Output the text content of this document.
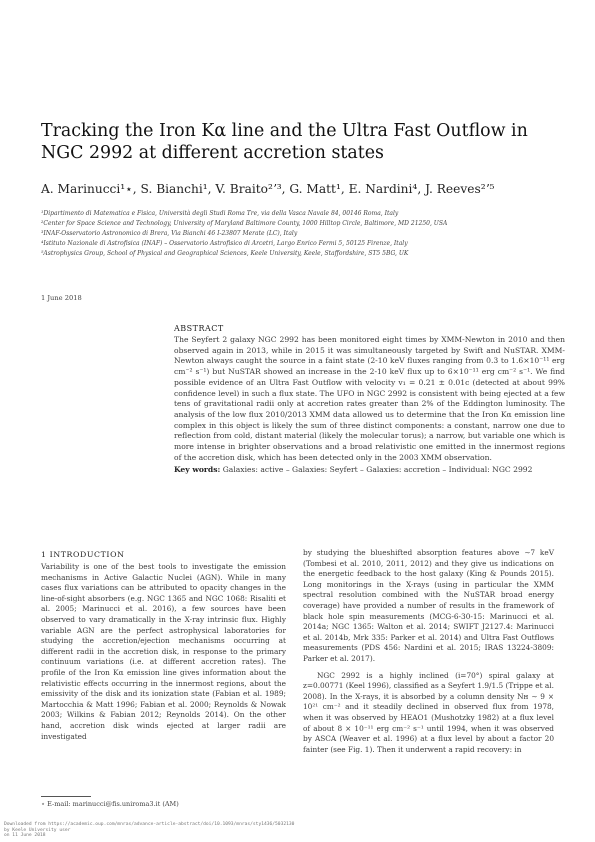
Tracking the Iron Kα line and the Ultra Fast Outflow in NGC 2992 at different accretion states
A. Marinucci¹⋆, S. Bianchi¹, V. Braito²ʼ³, G. Matt¹, E. Nardini⁴, J. Reeves²ʼ⁵
¹Dipartimento di Matematica e Fisica, Università degli Studi Roma Tre, via della Vasca Navale 84, 00146 Roma, Italy
²Center for Space Science and Technology, University of Maryland Baltimore County, 1000 Hilltop Circle, Baltimore, MD 21250, USA
³INAF-Osservatorio Astronomico di Brera, Via Bianchi 46 I-23807 Merate (LC), Italy
⁴Istituto Nazionale di Astrofisica (INAF) – Osservatorio Astrofisico di Arcetri, Largo Enrico Fermi 5, 50125 Firenze, Italy
⁵Astrophysics Group, School of Physical and Geographical Sciences, Keele University, Keele, Staffordshire, ST5 5BG, UK
1 June 2018
ABSTRACT
The Seyfert 2 galaxy NGC 2992 has been monitored eight times by XMM-Newton in 2010 and then observed again in 2013, while in 2015 it was simultaneously targeted by Swift and NuSTAR. XMM-Newton always caught the source in a faint state (2-10 keV fluxes ranging from 0.3 to 1.6×10⁻¹¹ erg cm⁻² s⁻¹) but NuSTAR showed an increase in the 2-10 keV flux up to 6×10⁻¹¹ erg cm⁻² s⁻¹. We find possible evidence of an Ultra Fast Outflow with velocity v₁ = 0.21 ± 0.01c (detected at about 99% confidence level) in such a flux state. The UFO in NGC 2992 is consistent with being ejected at a few tens of gravitational radii only at accretion rates greater than 2% of the Eddington luminosity. The analysis of the low flux 2010/2013 XMM data allowed us to determine that the Iron Kα emission line complex in this object is likely the sum of three distinct components: a constant, narrow one due to reflection from cold, distant material (likely the molecular torus); a narrow, but variable one which is more intense in brighter observations and a broad relativistic one emitted in the innermost regions of the accretion disk, which has been detected only in the 2003 XMM observation.
Key words: Galaxies: active – Galaxies: Seyfert – Galaxies: accretion – Individual: NGC 2992
1 INTRODUCTION

Variability is one of the best tools to investigate the emission mechanisms in Active Galactic Nuclei (AGN). While in many cases flux variations can be attributed to opacity changes in the line-of-sight absorbers (e.g. NGC 1365 and NGC 1068: Risaliti et al. 2005; Marinucci et al. 2016), a few sources have been observed to vary dramatically in the X-ray intrinsic flux. Highly variable AGN are the perfect astrophysical laboratories for studying the accretion/ejection mechanisms occurring at different radii in the accretion disk, in response to the primary continuum variations (i.e. at different accretion rates). The profile of the Iron Kα emission line gives information about the relativistic effects occurring in the innermost regions, about the emissivity of the disk and its ionization state (Fabian et al. 1989; Martocchia & Matt 1996; Fabian et al. 2000; Reynolds & Nowak 2003; Wilkins & Fabian 2012; Reynolds 2014). On the other hand, accretion disk winds ejected at larger radii are investigated

by studying the blueshifted absorption features above ∼7 keV (Tombesi et al. 2010, 2011, 2012) and they give us indications on the energetic feedback to the host galaxy (King & Pounds 2015). Long monitorings in the X-rays (using in particular the XMM spectral resolution combined with the NuSTAR broad energy coverage) have provided a number of results in the framework of black hole spin measurements (MCG-6-30-15: Marinucci et al. 2014a; NGC 1365: Walton et al. 2014; SWIFT J2127.4: Marinucci et al. 2014b, Mrk 335: Parker et al. 2014) and Ultra Fast Outflows measurements (PDS 456: Nardini et al. 2015; IRAS 13224-3809: Parker et al. 2017).

NGC 2992 is a highly inclined (i=70°) spiral galaxy at z=0.00771 (Keel 1996), classified as a Seyfert 1.9/1.5 (Trippe et al. 2008). In the X-rays, it is absorbed by a column density Nʜ ∼ 9 × 10²¹ cm⁻² and it steadily declined in observed flux from 1978, when it was observed by HEAO1 (Mushotzky 1982) at a flux level of about 8 × 10⁻¹¹ erg cm⁻² s⁻¹ until 1994, when it was observed by ASCA (Weaver et al. 1996) at a flux level by about a factor 20 fainter (see Fig. 1). Then it underwent a rapid recovery: in

⋆ E-mail: marinucci@fis.uniroma3.it (AM)
Downloaded from https://academic.oup.com/mnras/advance-article-abstract/doi/10.1093/mnras/sty1436/5032130
by Keele University user
on 11 June 2018
